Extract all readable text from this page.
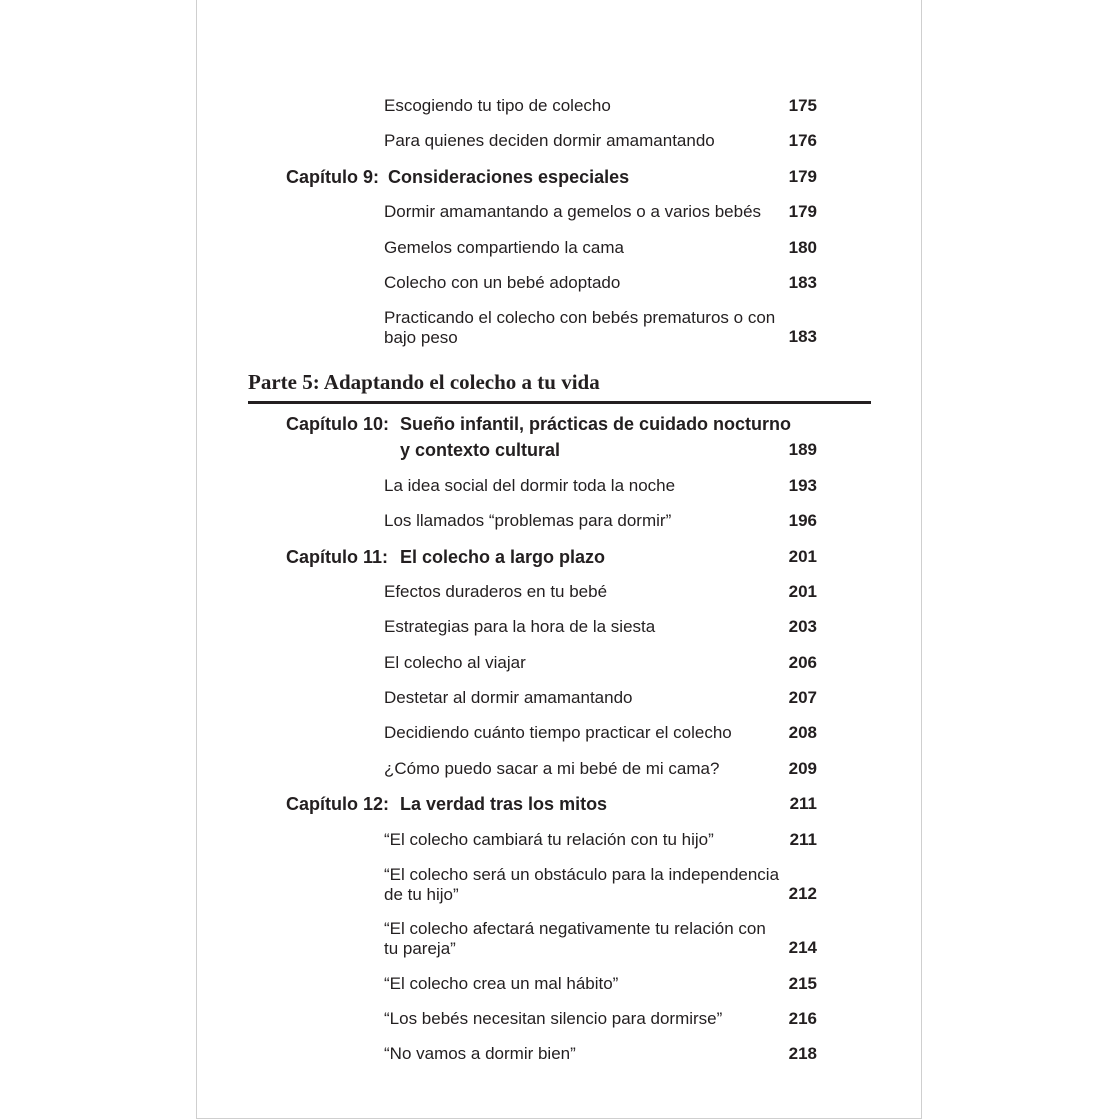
Escogiendo tu tipo de colecho	175
Para quienes deciden dormir amamantando	176
Capítulo 9: Consideraciones especiales	179
Dormir amamantando a gemelos o a varios bebés	179
Gemelos compartiendo la cama	180
Colecho con un bebé adoptado	183
Practicando el colecho con bebés prematuros o con bajo peso	183
Parte 5: Adaptando el colecho a tu vida
Capítulo 10: Sueño infantil, prácticas de cuidado nocturno
y contexto cultural	189
La idea social del dormir toda la noche	193
Los llamados “problemas para dormir”	196
Capítulo 11: El colecho a largo plazo	201
Efectos duraderos en tu bebé	201
Estrategias para la hora de la siesta	203
El colecho al viajar	206
Destetar al dormir amamantando	207
Decidiendo cuánto tiempo practicar el colecho	208
¿Cómo puedo sacar a mi bebé de mi cama?	209
Capítulo 12: La verdad tras los mitos	211
“El colecho cambiará tu relación con tu hijo”	211
“El colecho será un obstáculo para la independencia de tu hijo”	212
“El colecho afectará negativamente tu relación con tu pareja”	214
“El colecho crea un mal hábito”	215
“Los bebés necesitan silencio para dormirse”	216
“No vamos a dormir bien”	218
